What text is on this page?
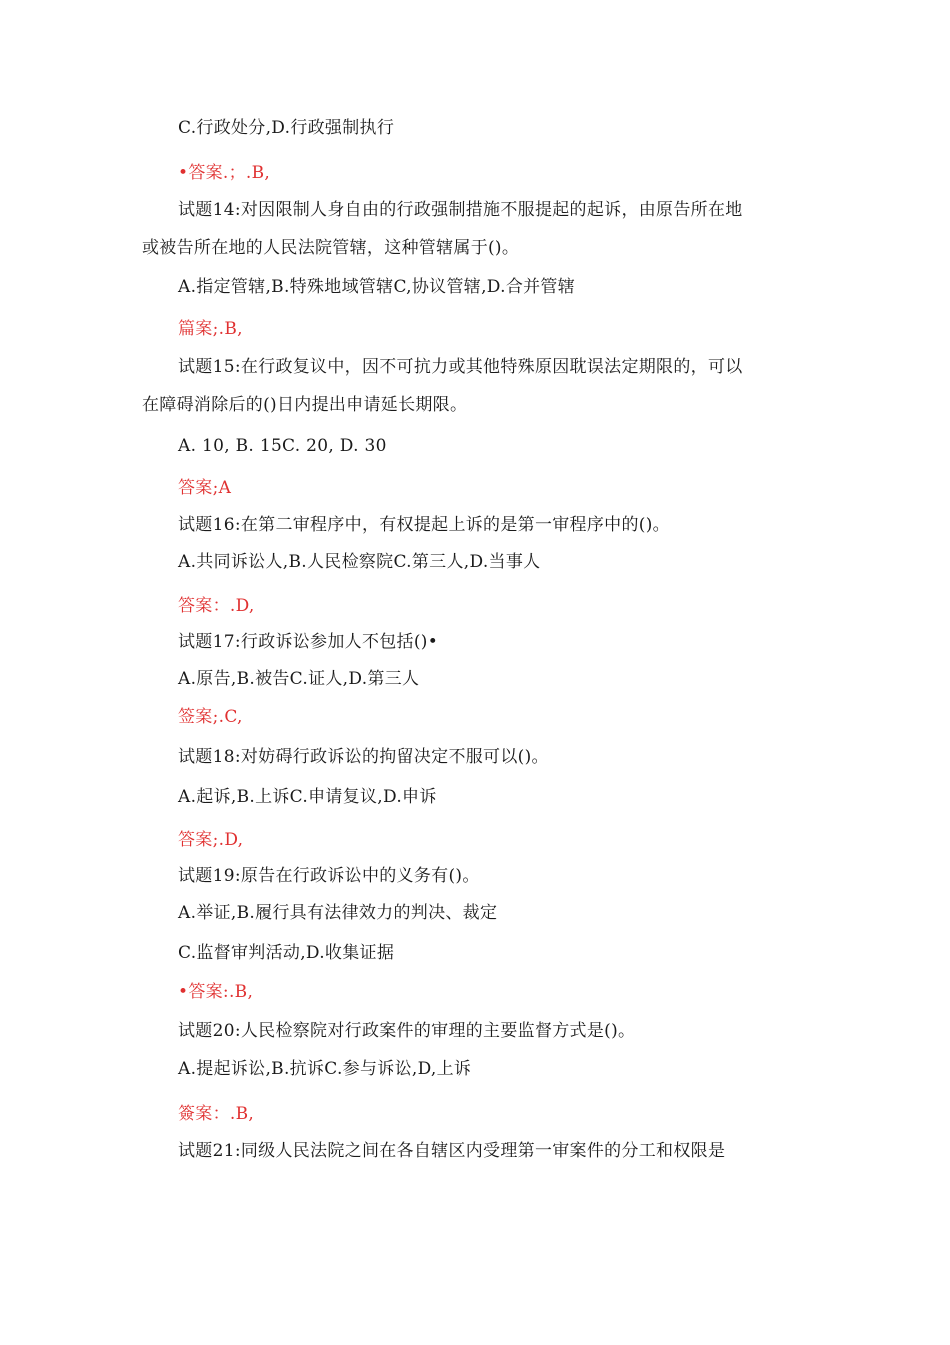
C.行政处分,D.行政强制执行
•答案.；.B,
试题14:对因限制人身自由的行政强制措施不服提起的起诉，由原告所在地
或被告所在地的人民法院管辖，这种管辖属于()。
A.指定管辖,B.特殊地域管辖C,协议管辖,D.合并管辖
篇案;.B,
试题15:在行政复议中，因不可抗力或其他特殊原因耽误法定期限的，可以
在障碍消除后的()日内提出申请延长期限。
A. 10, B. 15C. 20, D. 30
答案;A
试题16:在第二审程序中，有权提起上诉的是第一审程序中的()。
A.共同诉讼人,B.人民检察院C.第三人,D.当事人
答案：.D,
试题17:行政诉讼参加人不包括()•
A.原告,B.被告C.证人,D.第三人
签案;.C,
试题18:对妨碍行政诉讼的拘留决定不服可以()。
A.起诉,B.上诉C.申请复议,D.申诉
答案;.D,
试题19:原告在行政诉讼中的义务有()。
A.举证,B.履行具有法律效力的判决、裁定
C.监督审判活动,D.收集证据
•答案:.B,
试题20:人民检察院对行政案件的审理的主要监督方式是()。
A.提起诉讼,B.抗诉C.参与诉讼,D,上诉
簽案：.B,
试题21:同级人民法院之间在各自辖区内受理第一审案件的分工和权限是
